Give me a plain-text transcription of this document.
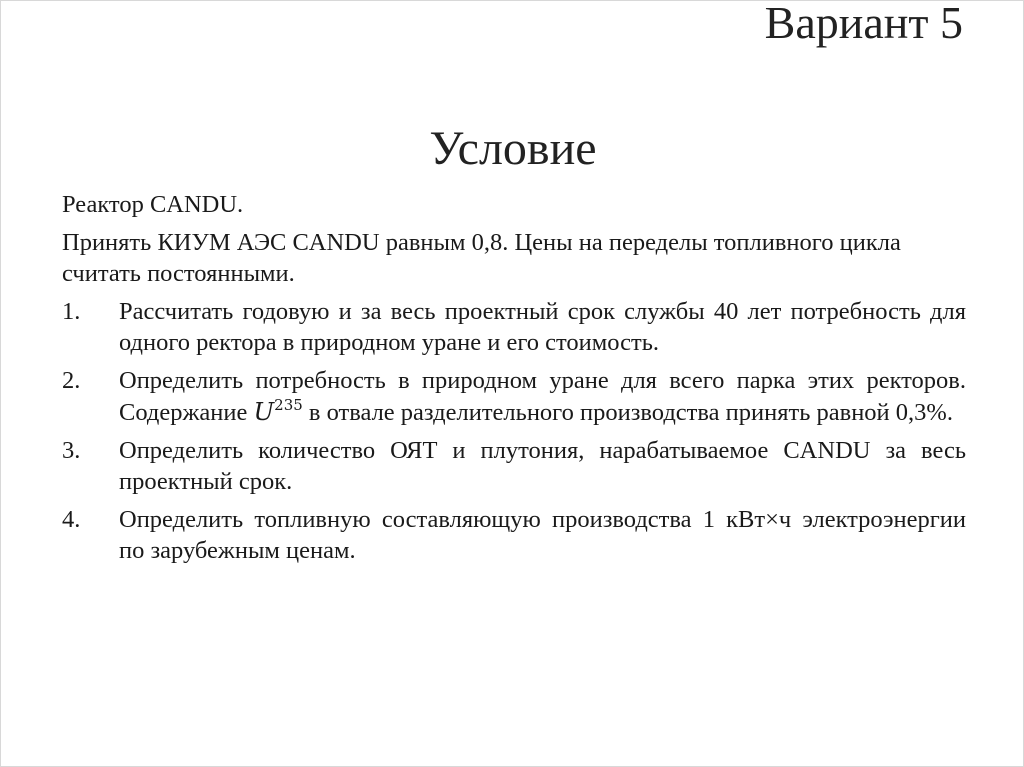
Вариант 5
Условие

Реактор CANDU.

Принять КИУМ АЭС CANDU равным 0,8. Цены на переделы топливного цикла считать постоянными.

1.	Рассчитать годовую и за весь проектный срок службы 40 лет потребность для одного ректора в природном уране и его стоимость.
2.	Определить потребность в природном уране для всего парка этих ректоров. Содержание $U^{235}$ в отвале разделительного производства принять равной 0,3%.
3.	Определить количество ОЯТ и плутония, нарабатываемое CANDU за весь проектный срок.
4.	Определить топливную составляющую производства 1 кВт×ч электроэнергии по зарубежным ценам.
